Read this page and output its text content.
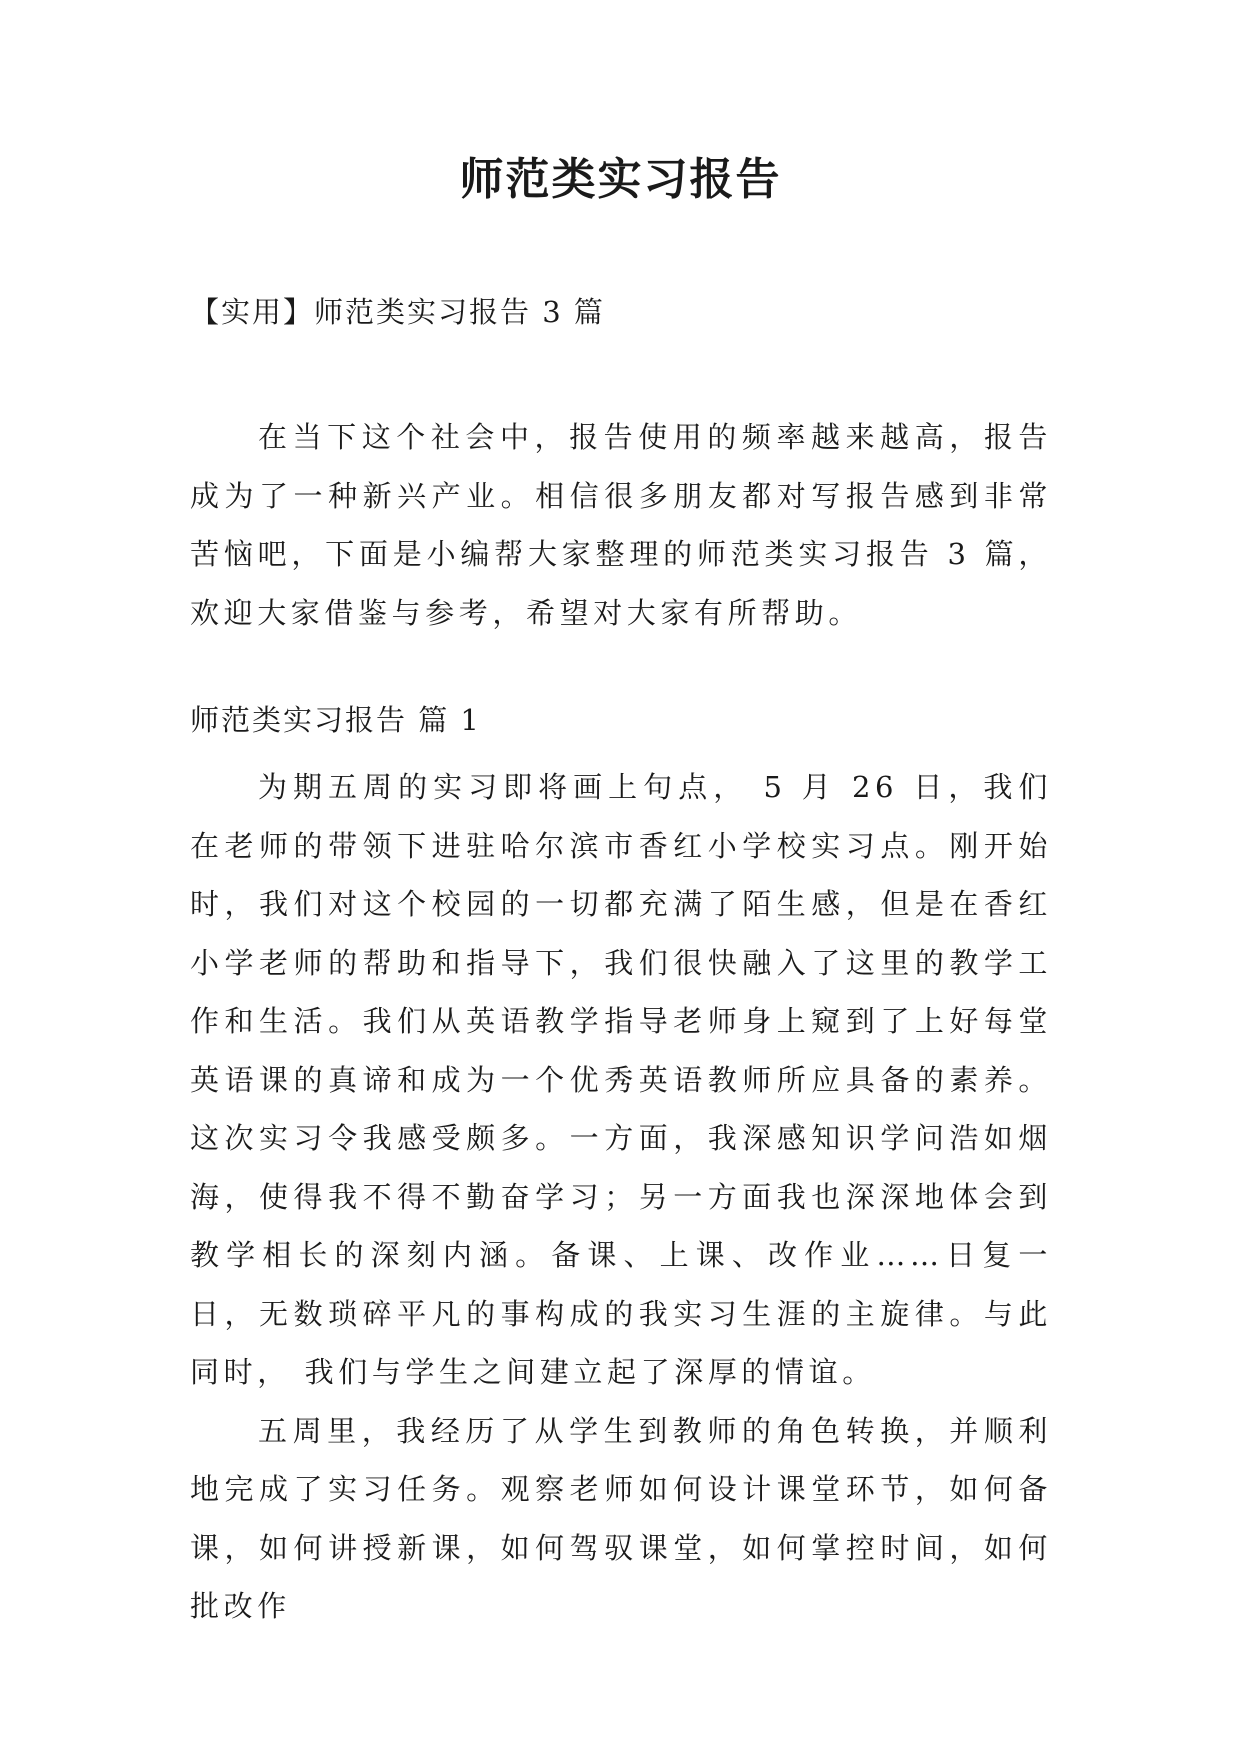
师范类实习报告

【实用】师范类实习报告 3 篇

在当下这个社会中，报告使用的频率越来越高，报告成为了一种新兴产业。相信很多朋友都对写报告感到非常苦恼吧，下面是小编帮大家整理的师范类实习报告 3 篇，欢迎大家借鉴与参考，希望对大家有所帮助。

师范类实习报告 篇 1

为期五周的实习即将画上句点， 5 月 26 日，我们在老师的带领下进驻哈尔滨市香红小学校实习点。刚开始时，我们对这个校园的一切都充满了陌生感，但是在香红小学老师的帮助和指导下，我们很快融入了这里的教学工作和生活。我们从英语教学指导老师身上窥到了上好每堂英语课的真谛和成为一个优秀英语教师所应具备的素养。这次实习令我感受颇多。一方面，我深感知识学问浩如烟海，使得我不得不勤奋学习；另一方面我也深深地体会到教学相长的深刻内涵。备课、上课、改作业……日复一日，无数琐碎平凡的事构成的我实习生涯的主旋律。与此同时， 我们与学生之间建立起了深厚的情谊。

五周里，我经历了从学生到教师的角色转换，并顺利地完成了实习任务。观察老师如何设计课堂环节，如何备课，如何讲授新课，如何驾驭课堂，如何掌控时间，如何批改作
